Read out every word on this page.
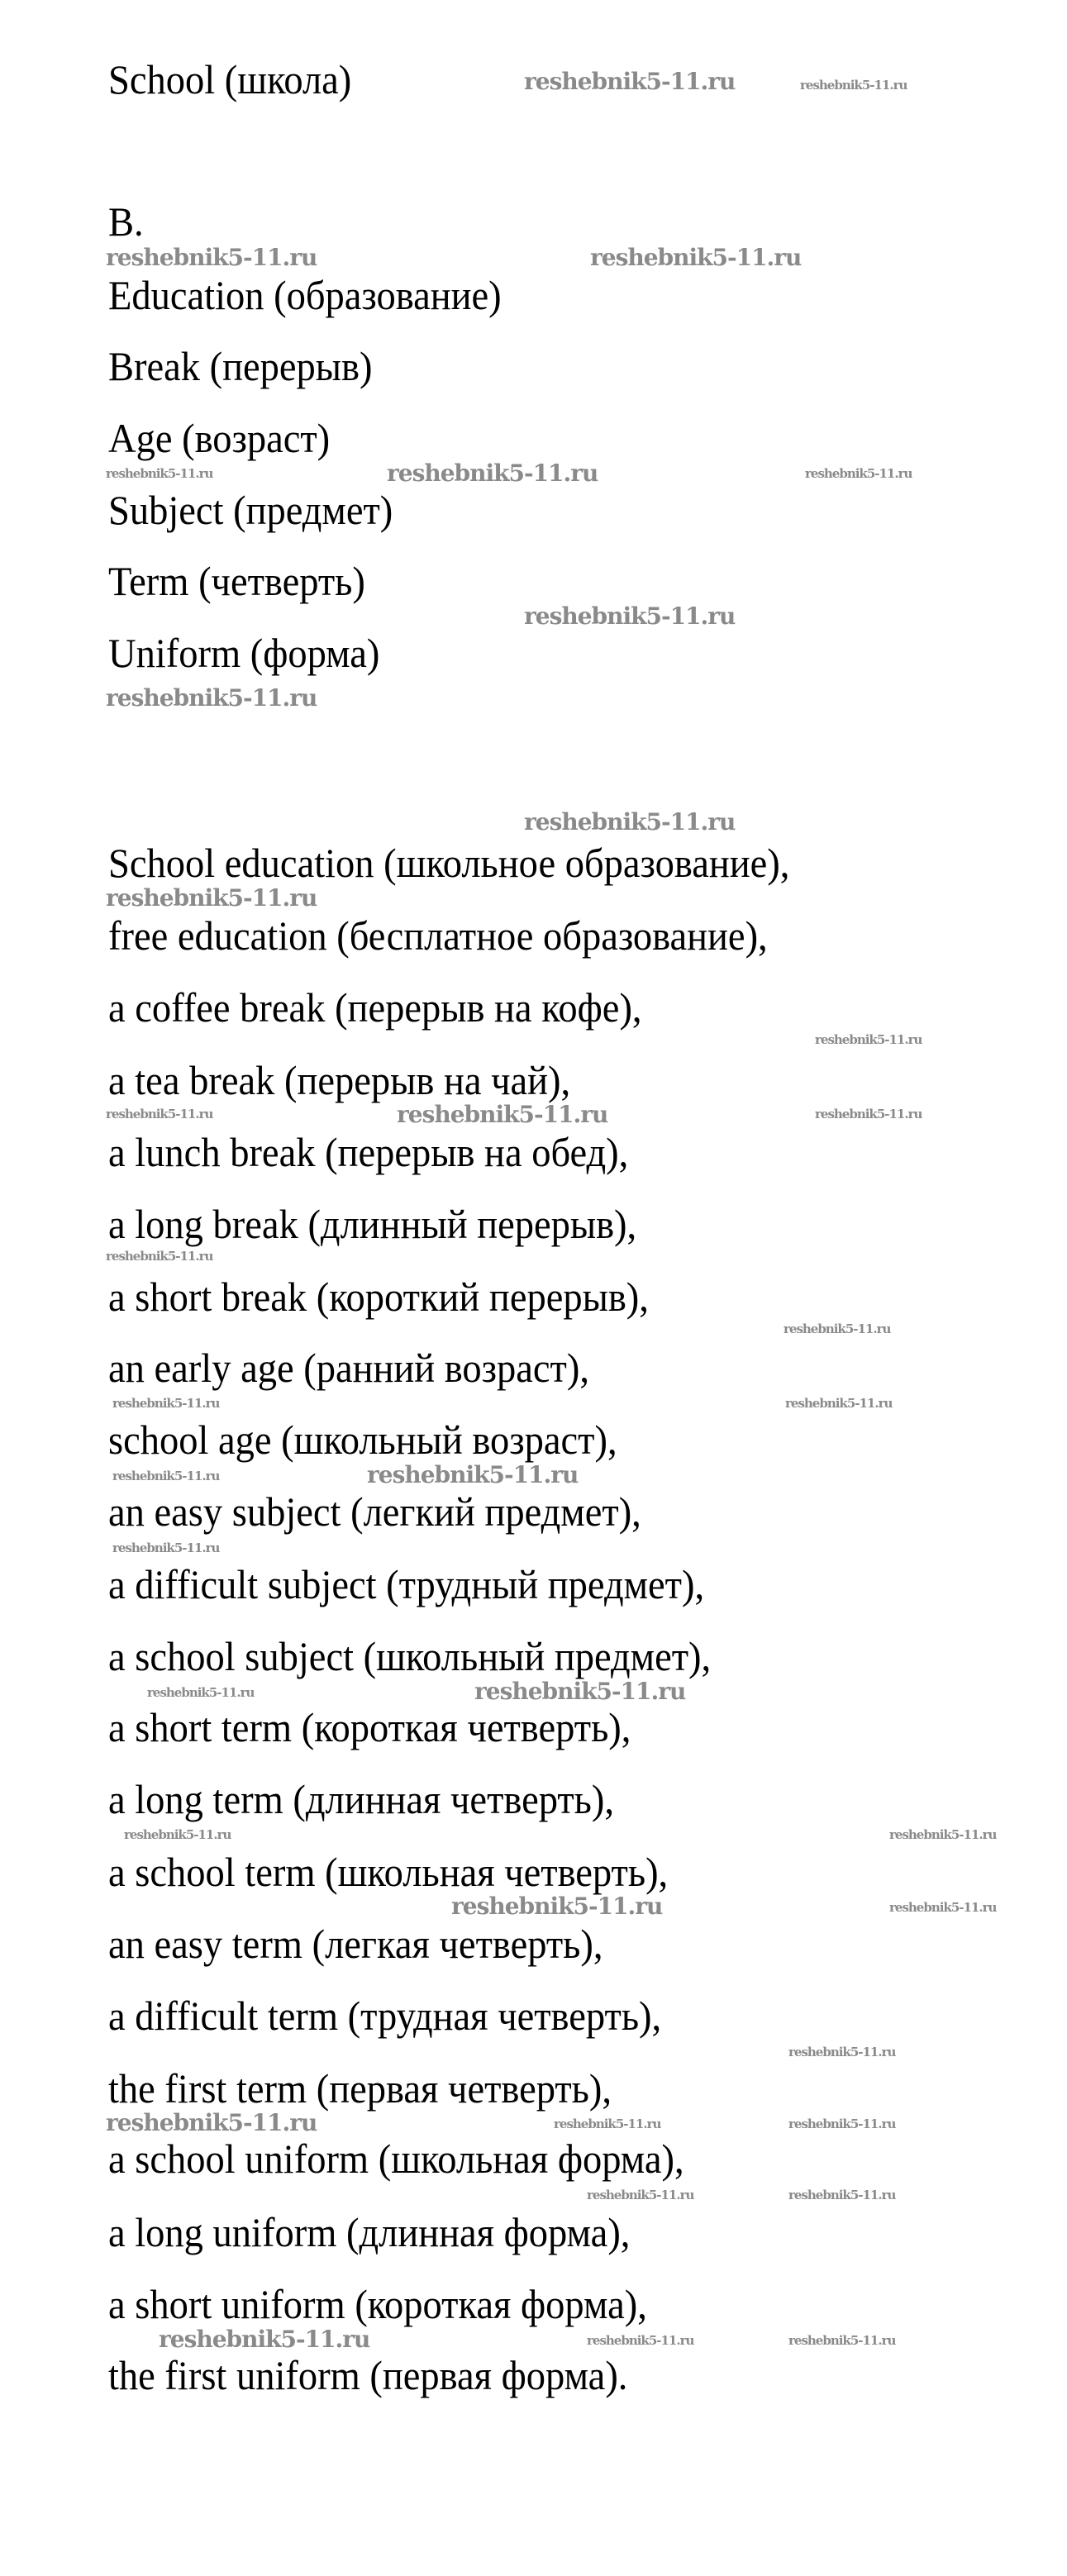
School (школа)
B.
Education (образование)
Break (перерыв)
Age (возраст)
Subject (предмет)
Term (четверть)
Uniform (форма)
School education (школьное образование),
free education (бесплатное образование),
a coffee break (перерыв на кофе),
a tea break (перерыв на чай),
a lunch break (перерыв на обед),
a long break (длинный перерыв),
a short break (короткий перерыв),
an early age (ранний возраст),
school age (школьный возраст),
an easy subject (легкий предмет),
a difficult subject (трудный предмет),
a school subject (школьный предмет),
a short term (короткая четверть),
a long term (длинная четверть),
a school term (школьная четверть),
an easy term (легкая четверть),
a difficult term (трудная четверть),
the first term (первая четверть),
a school uniform (школьная форма),
a long uniform (длинная форма),
a short uniform (короткая форма),
the first uniform (первая форма).
reshebnik5-11.ru	reshebnik5-11.ru
reshebnik5-11.ru	reshebnik5-11.ru
reshebnik5-11.ru	reshebnik5-11.ru
reshebnik5-11.ru
reshebnik5-11.ru
reshebnik5-11.ru
reshebnik5-11.ru
reshebnik5-11.ru
reshebnik5-11.ru
reshebnik5-11.ru
reshebnik5-11.ru
reshebnik5-11.ru
reshebnik5-11.ru
reshebnik5-11.ru
reshebnik5-11.ru	reshebnik5-11.ru
reshebnik5-11.ru
reshebnik5-11.ru
reshebnik5-11.ru
reshebnik5-11.ru	reshebnik5-11.ru
reshebnik5-11.ru	reshebnik5-11.ru
reshebnik5-11.ru	reshebnik5-11.ru
reshebnik5-11.ru
reshebnik5-11.ru	reshebnik5-11.ru	reshebnik5-11.ru
reshebnik5-11.ru
reshebnik5-11.ru
reshebnik5-11.ru	reshebnik5-11.ru	reshebnik5-11.ru
